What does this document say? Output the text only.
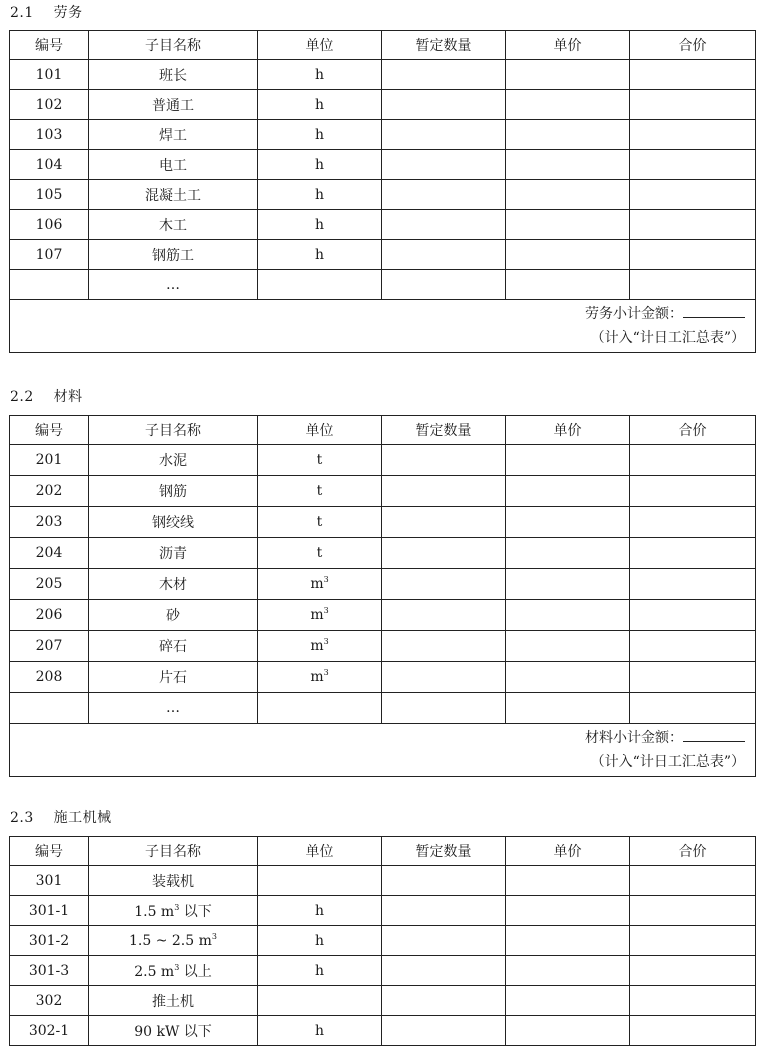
2.1    劳务
编号	子目名称	单位	暂定数量	单价	合价
101	班长	h			
102	普通工	h			
103	焊工	h			
104	电工	h			
105	混凝土工	h			
106	木工	h			
107	钢筋工	h			
	…				

劳务小计金额：
（计入“计日工汇总表”）					
2.2    材料
编号	子目名称	单位	暂定数量	单价	合价
201	水泥	t			
202	钢筋	t			
203	钢绞线	t			
204	沥青	t			
205	木材	$m^3$			
206	砂	$m^3$			
207	碎石	$m^3$			
208	片石	$m^3$			
	…				

材料小计金额：
（计入“计日工汇总表”）					
2.3    施工机械
编号	子目名称	单位	暂定数量	单价	合价
301	装载机				
301-1	1.5 $m^3$ 以下	h			
301-2	1.5 ~ 2.5 $m^3$	h			
301-3	2.5 $m^3$ 以上	h			
302	推土机				
302-1	90 kW 以下	h			
